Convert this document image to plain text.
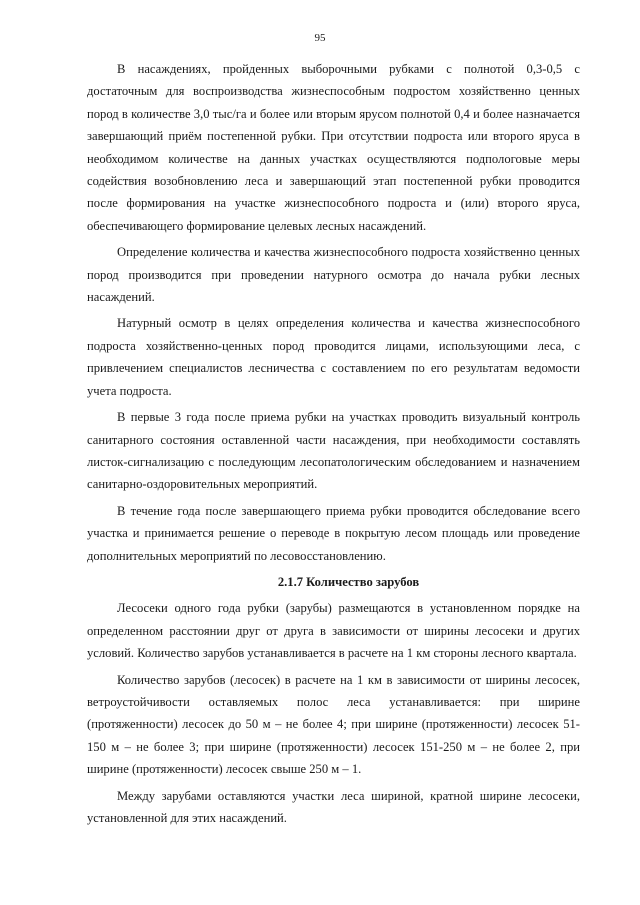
95

В насаждениях, пройденных выборочными рубками с полнотой 0,3-0,5 с достаточным для воспроизводства жизнеспособным подростом хозяйственно ценных пород в количестве 3,0 тыс/га и более или вторым ярусом полнотой 0,4 и более назначается завершающий приём постепенной рубки. При отсутствии подроста или второго яруса в необходимом количестве на данных участках осуществляются подпологовые меры содействия возобновлению леса и завершающий этап постепенной рубки проводится после формирования на участке жизнеспособного подроста и (или) второго яруса, обеспечивающего формирование целевых лесных насаждений.

Определение количества и качества жизнеспособного подроста хозяйственно ценных пород производится при проведении натурного осмотра до начала рубки лесных насаждений.

Натурный осмотр в целях определения количества и качества жизнеспособного подроста хозяйственно-ценных пород проводится лицами, использующими леса, с привлечением специалистов лесничества с составлением по его результатам ведомости учета подроста.

В первые 3 года после приема рубки на участках проводить визуальный контроль санитарного состояния оставленной части насаждения, при необходимости составлять листок-сигнализацию с последующим лесопатологическим обследованием и назначением санитарно-оздоровительных мероприятий.

В течение года после завершающего приема рубки проводится обследование всего участка и принимается решение о переводе в покрытую лесом площадь или проведение дополнительных мероприятий по лесовосстановлению.

2.1.7 Количество зарубов

Лесосеки одного года рубки (зарубы) размещаются в установленном порядке на определенном расстоянии друг от друга в зависимости от ширины лесосеки и других условий. Количество зарубов устанавливается в расчете на 1 км стороны лесного квартала.

Количество зарубов (лесосек) в расчете на 1 км в зависимости от ширины лесосек, ветроустойчивости оставляемых полос леса устанавливается: при ширине (протяженности) лесосек до 50 м – не более 4; при ширине (протяженности) лесосек 51-150 м – не более 3; при ширине (протяженности) лесосек 151-250 м – не более 2, при ширине (протяженности) лесосек свыше 250 м – 1.

Между зарубами оставляются участки леса шириной, кратной ширине лесосеки, установленной для этих насаждений.
